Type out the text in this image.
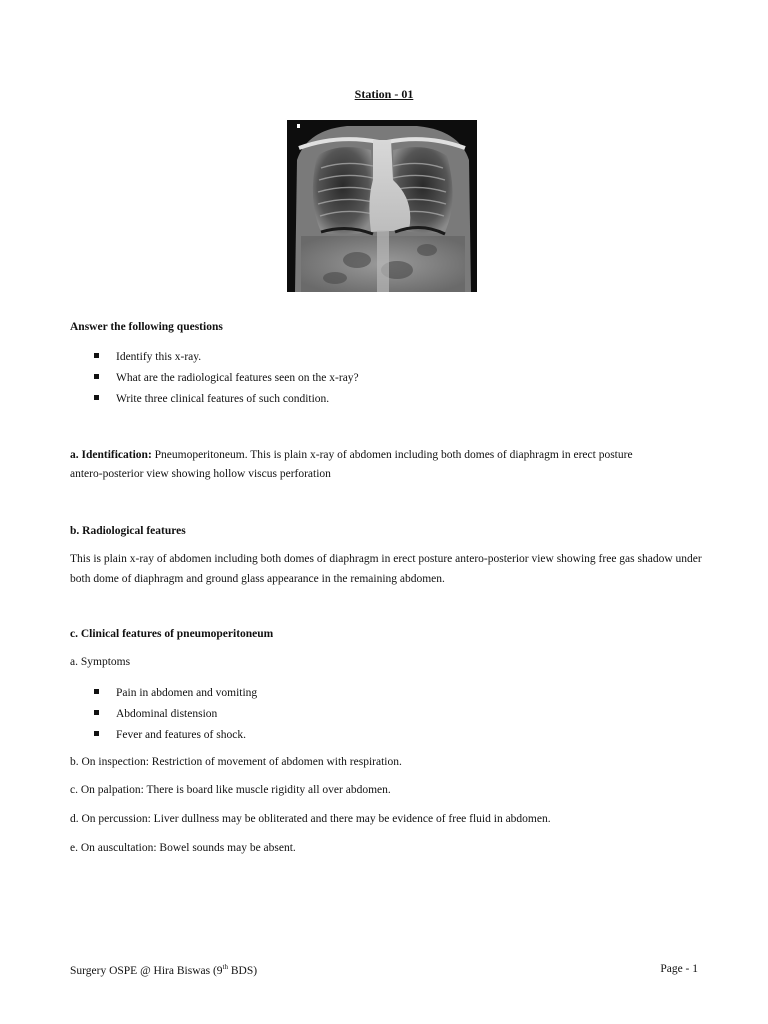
Station - 01
Answer the following questions
Identify this x-ray.
What are the radiological features seen on the x-ray?
Write three clinical features of such condition.
a. Identification: Pneumoperitoneum. This is plain x-ray of abdomen including both domes of diaphragm in erect posture
antero-posterior view showing hollow viscus perforation
b. Radiological features
This is plain x-ray of abdomen including both domes of diaphragm in erect posture antero-posterior view showing free gas shadow under both dome of diaphragm and ground glass appearance in the remaining abdomen.
c. Clinical features of pneumoperitoneum
a. Symptoms
Pain in abdomen and vomiting
Abdominal distension
Fever and features of shock.
b. On inspection: Restriction of movement of abdomen with respiration.
c. On palpation: There is board like muscle rigidity all over abdomen.
d. On percussion: Liver dullness may be obliterated and there may be evidence of free fluid in abdomen.
e. On auscultation: Bowel sounds may be absent.
Surgery OSPE @ Hira Biswas (9th BDS)	Page - 1
